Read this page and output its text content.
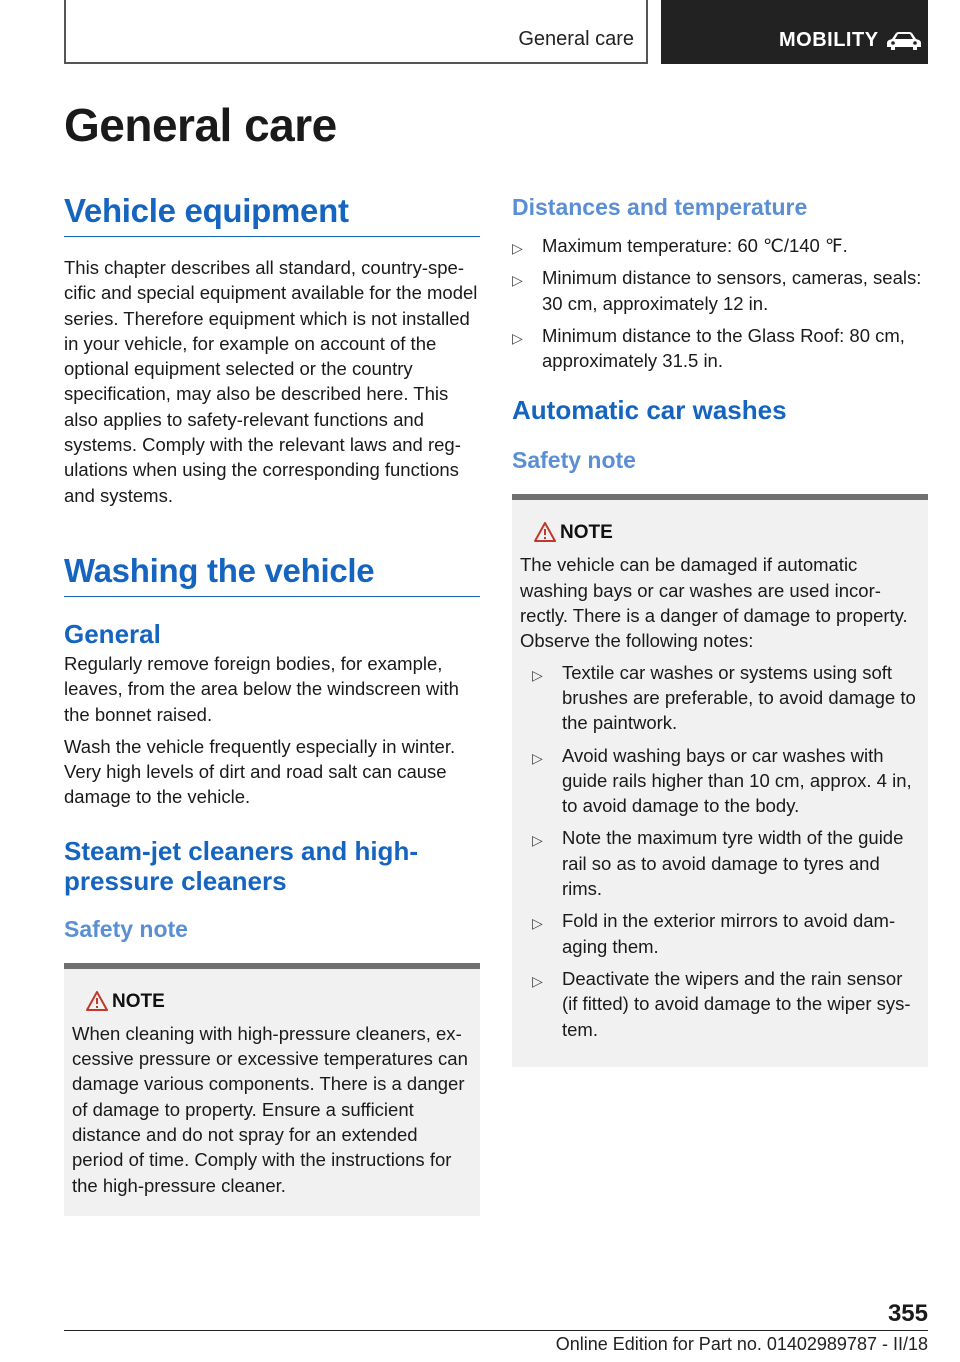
General care	MOBILITY
General care
Vehicle equipment

This chapter describes all standard, country-specific and special equipment available for the model series. Therefore equipment which is not installed in your vehicle, for example on account of the optional equipment selected or the country specification, may also be described here. This also applies to safety-relevant functions and systems. Comply with the relevant laws and regulations when using the corresponding functions and systems.

Washing the vehicle
General

Regularly remove foreign bodies, for example, leaves, from the area below the windscreen with the bonnet raised.

Wash the vehicle frequently especially in winter. Very high levels of dirt and road salt can cause damage to the vehicle.

Steam-jet cleaners and high-pressure cleaners
Safety note
NOTE

When cleaning with high-pressure cleaners, excessive pressure or excessive temperatures can damage various components. There is a danger of damage to property. Ensure a sufficient distance and do not spray for an extended period of time. Comply with the instructions for the high-pressure cleaner.

Distances and temperature
▷ Maximum temperature: 60 ℃/140 ℉.
▷ Minimum distance to sensors, cameras, seals: 30 cm, approximately 12 in.
▷ Minimum distance to the Glass Roof: 80 cm, approximately 31.5 in.
Automatic car washes
Safety note
NOTE

The vehicle can be damaged if automatic washing bays or car washes are used incorrectly. There is a danger of damage to property. Observe the following notes:

▷ Textile car washes or systems using soft brushes are preferable, to avoid damage to the paintwork.
▷ Avoid washing bays or car washes with guide rails higher than 10 cm, approx. 4 in, to avoid damage to the body.
▷ Note the maximum tyre width of the guide rail so as to avoid damage to tyres and rims.
▷ Fold in the exterior mirrors to avoid damaging them.
▷ Deactivate the wipers and the rain sensor (if fitted) to avoid damage to the wiper system.
355
Online Edition for Part no. 01402989787 - II/18
